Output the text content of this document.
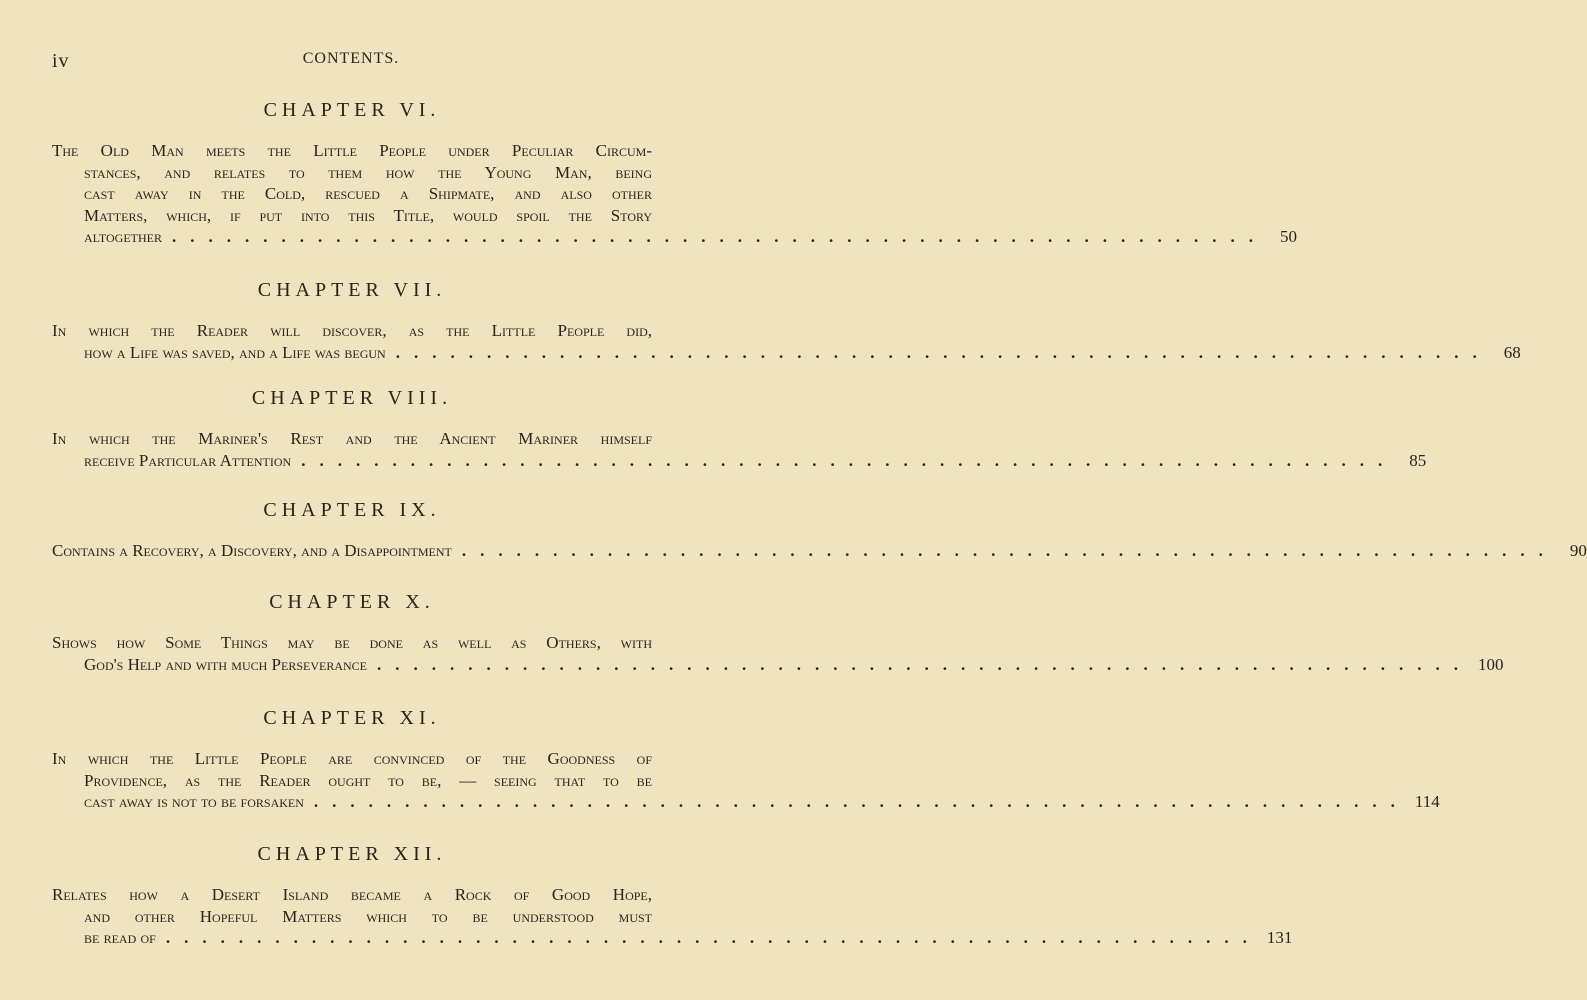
iv	CONTENTS.
CHAPTER VI.
The Old Man meets the Little People under Peculiar Circum-
stances, and relates to them how the Young Man, being
cast away in the Cold, rescued a Shipmate, and also other
Matters, which, if put into this Title, would spoil the Story
altogether ............................................................ 50
CHAPTER VII.
In which the Reader will discover, as the Little People did,
how a Life was saved, and a Life was begun ............................................................ 68
CHAPTER VIII.
In which the Mariner's Rest and the Ancient Mariner himself
receive Particular Attention ............................................................ 85
CHAPTER IX.
Contains a Recovery, a Discovery, and a Disappointment ............................................................ 90
CHAPTER X.
Shows how Some Things may be done as well as Others, with
God's Help and with much Perseverance ............................................................ 100
CHAPTER XI.
In which the Little People are convinced of the Goodness of
Providence, as the Reader ought to be, — seeing that to be
cast away is not to be forsaken ............................................................ 114
CHAPTER XII.
Relates how a Desert Island became a Rock of Good Hope,
and other Hopeful Matters which to be understood must
be read of ............................................................ 131
